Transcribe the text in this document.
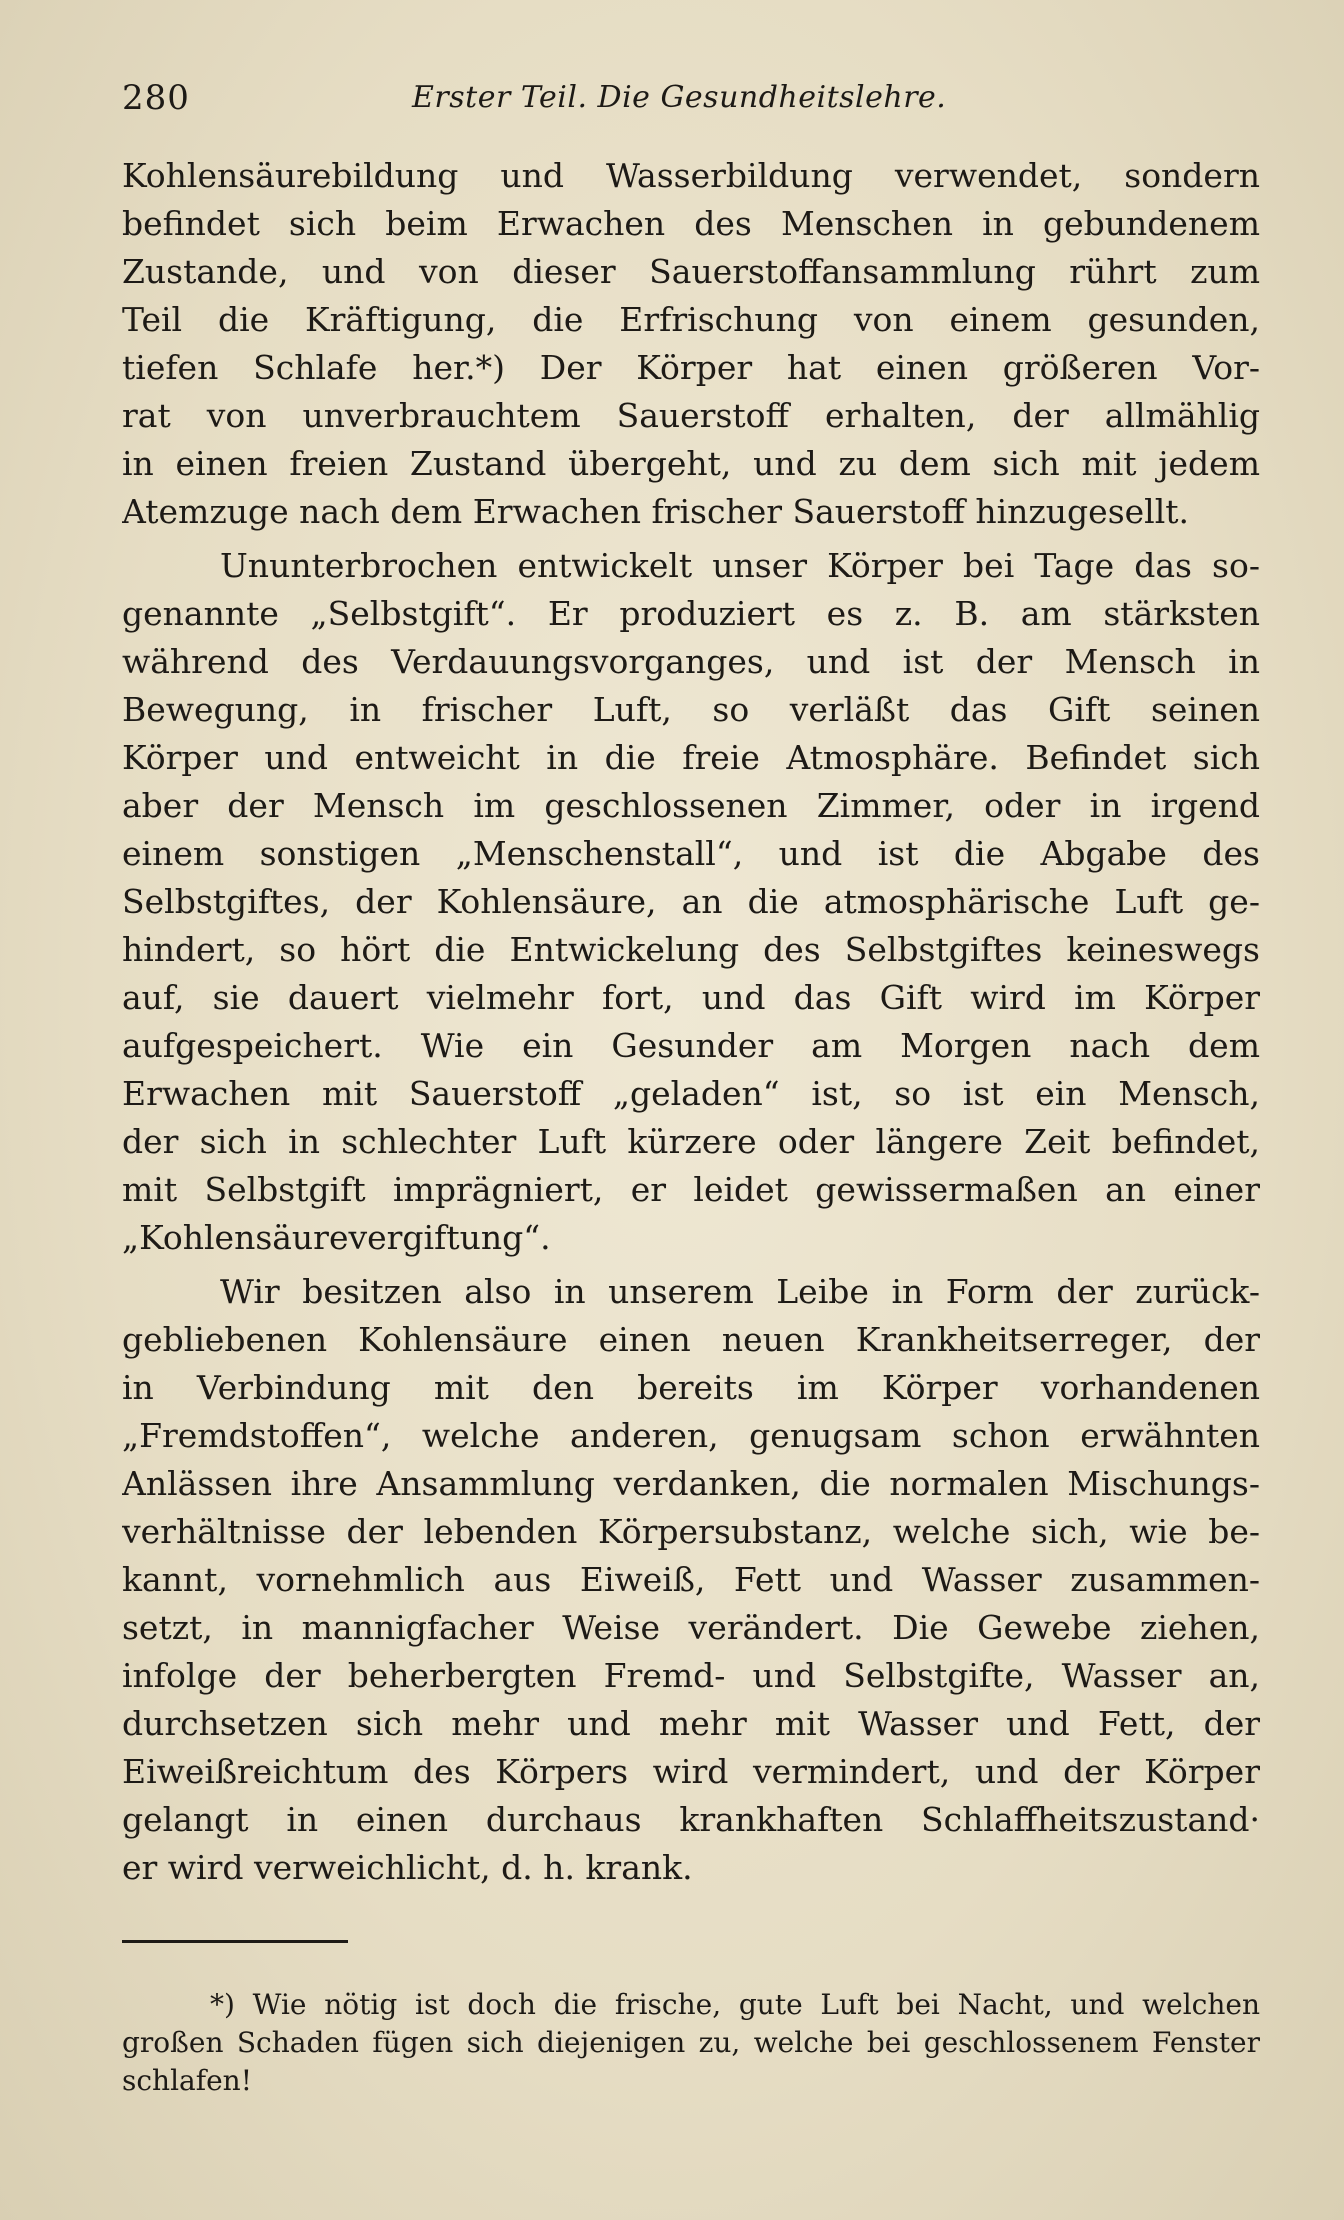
280	Erster Teil. Die Gesundheitslehre.
Kohlensäurebildung und Wasserbildung verwendet, sondern
befindet sich beim Erwachen des Menschen in gebundenem
Zustande, und von dieser Sauerstoffansammlung rührt zum
Teil die Kräftigung, die Erfrischung von einem gesunden,
tiefen Schlafe her.*) Der Körper hat einen größeren Vor-
rat von unverbrauchtem Sauerstoff erhalten, der allmählig
in einen freien Zustand übergeht, und zu dem sich mit jedem
Atemzuge nach dem Erwachen frischer Sauerstoff hinzugesellt.
Ununterbrochen entwickelt unser Körper bei Tage das so-
genannte „Selbstgift“. Er produziert es z. B. am stärksten
während des Verdauungsvorganges, und ist der Mensch in
Bewegung, in frischer Luft, so verläßt das Gift seinen
Körper und entweicht in die freie Atmosphäre. Befindet sich
aber der Mensch im geschlossenen Zimmer, oder in irgend
einem sonstigen „Menschenstall“, und ist die Abgabe des
Selbstgiftes, der Kohlensäure, an die atmosphärische Luft ge-
hindert, so hört die Entwickelung des Selbstgiftes keineswegs
auf, sie dauert vielmehr fort, und das Gift wird im Körper
aufgespeichert. Wie ein Gesunder am Morgen nach dem
Erwachen mit Sauerstoff „geladen“ ist, so ist ein Mensch,
der sich in schlechter Luft kürzere oder längere Zeit befindet,
mit Selbstgift imprägniert, er leidet gewissermaßen an einer
„Kohlensäurevergiftung“.
Wir besitzen also in unserem Leibe in Form der zurück-
gebliebenen Kohlensäure einen neuen Krankheitserreger, der
in Verbindung mit den bereits im Körper vorhandenen
„Fremdstoffen“, welche anderen, genugsam schon erwähnten
Anlässen ihre Ansammlung verdanken, die normalen Mischungs-
verhältnisse der lebenden Körpersubstanz, welche sich, wie be-
kannt, vornehmlich aus Eiweiß, Fett und Wasser zusammen-
setzt, in mannigfacher Weise verändert. Die Gewebe ziehen,
infolge der beherbergten Fremd- und Selbstgifte, Wasser an,
durchsetzen sich mehr und mehr mit Wasser und Fett, der
Eiweißreichtum des Körpers wird vermindert, und der Körper
gelangt in einen durchaus krankhaften Schlaffheitszustand·
er wird verweichlicht, d. h. krank.
*) Wie nötig ist doch die frische, gute Luft bei Nacht, und welchen
großen Schaden fügen sich diejenigen zu, welche bei geschlossenem Fenster
schlafen!
